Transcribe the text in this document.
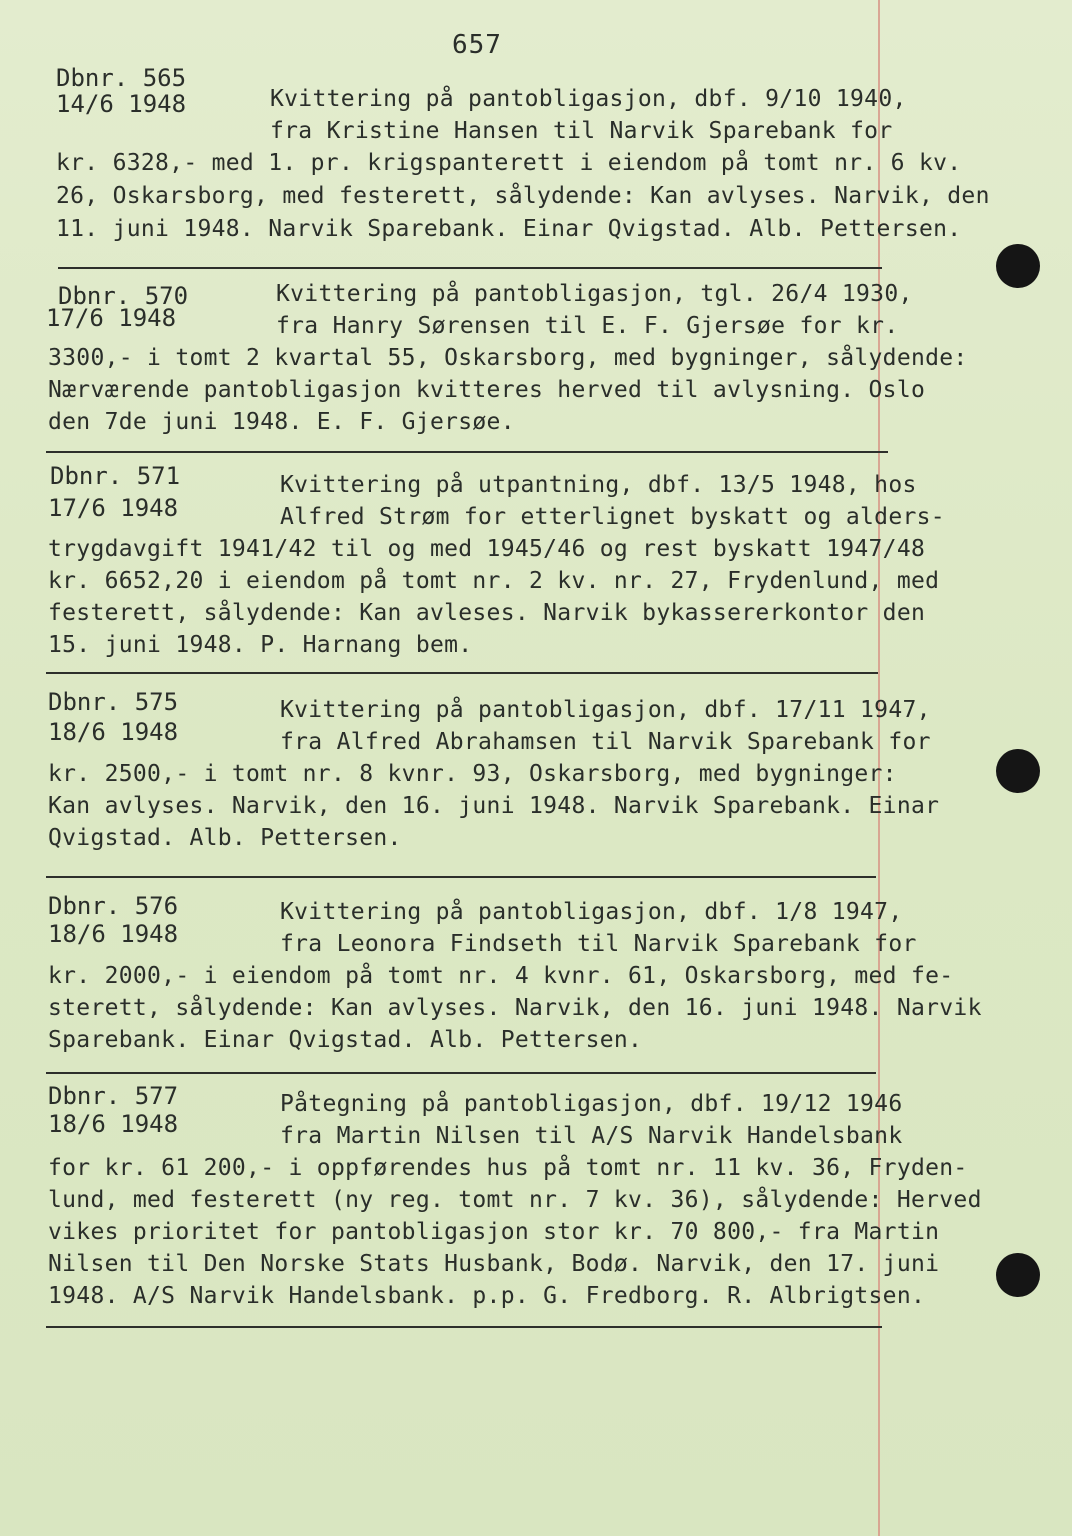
657
Dbnr. 565
14/6 1948	Kvittering på pantobligasjon, dbf. 9/10 1940,
fra Kristine Hansen til Narvik Sparebank for
kr. 6328,- med 1. pr. krigspanterett i eiendom på tomt nr. 6 kv.
26, Oskarsborg, med festerett, sålydende: Kan avlyses. Narvik, den
11. juni 1948. Narvik Sparebank. Einar Qvigstad. Alb. Pettersen.
Dbnr. 570
17/6 1948
Kvittering på pantobligasjon, tgl. 26/4 1930,
fra Hanry Sørensen til E. F. Gjersøe for kr.
3300,- i tomt 2 kvartal 55, Oskarsborg, med bygninger, sålydende:
Nærværende pantobligasjon kvitteres herved til avlysning. Oslo
den 7de juni 1948. E. F. Gjersøe.
Dbnr. 571
17/6 1948
Kvittering på utpantning, dbf. 13/5 1948, hos
Alfred Strøm for etterlignet byskatt og alders-
trygdavgift 1941/42 til og med 1945/46 og rest byskatt 1947/48
kr. 6652,20 i eiendom på tomt nr. 2 kv. nr. 27, Frydenlund, med
festerett, sålydende: Kan avleses. Narvik bykassererkontor den
15. juni 1948. P. Harnang bem.
Dbnr. 575
18/6 1948
Kvittering på pantobligasjon, dbf. 17/11 1947,
fra Alfred Abrahamsen til Narvik Sparebank for
kr. 2500,- i tomt nr. 8 kvnr. 93, Oskarsborg, med bygninger:
Kan avlyses. Narvik, den 16. juni 1948. Narvik Sparebank. Einar
Qvigstad. Alb. Pettersen.
Dbnr. 576
18/6 1948
Kvittering på pantobligasjon, dbf. 1/8 1947,
fra Leonora Findseth til Narvik Sparebank for
kr. 2000,- i eiendom på tomt nr. 4 kvnr. 61, Oskarsborg, med fe-
sterett, sålydende: Kan avlyses. Narvik, den 16. juni 1948. Narvik
Sparebank. Einar Qvigstad. Alb. Pettersen.
Dbnr. 577
18/6 1948
Påtegning på pantobligasjon, dbf. 19/12 1946
fra Martin Nilsen til A/S Narvik Handelsbank
for kr. 61 200,- i oppførendes hus på tomt nr. 11 kv. 36, Fryden-
lund, med festerett (ny reg. tomt nr. 7 kv. 36), sålydende: Herved
vikes prioritet for pantobligasjon stor kr. 70 800,- fra Martin
Nilsen til Den Norske Stats Husbank, Bodø. Narvik, den 17. juni
1948. A/S Narvik Handelsbank. p.p. G. Fredborg. R. Albrigtsen.
